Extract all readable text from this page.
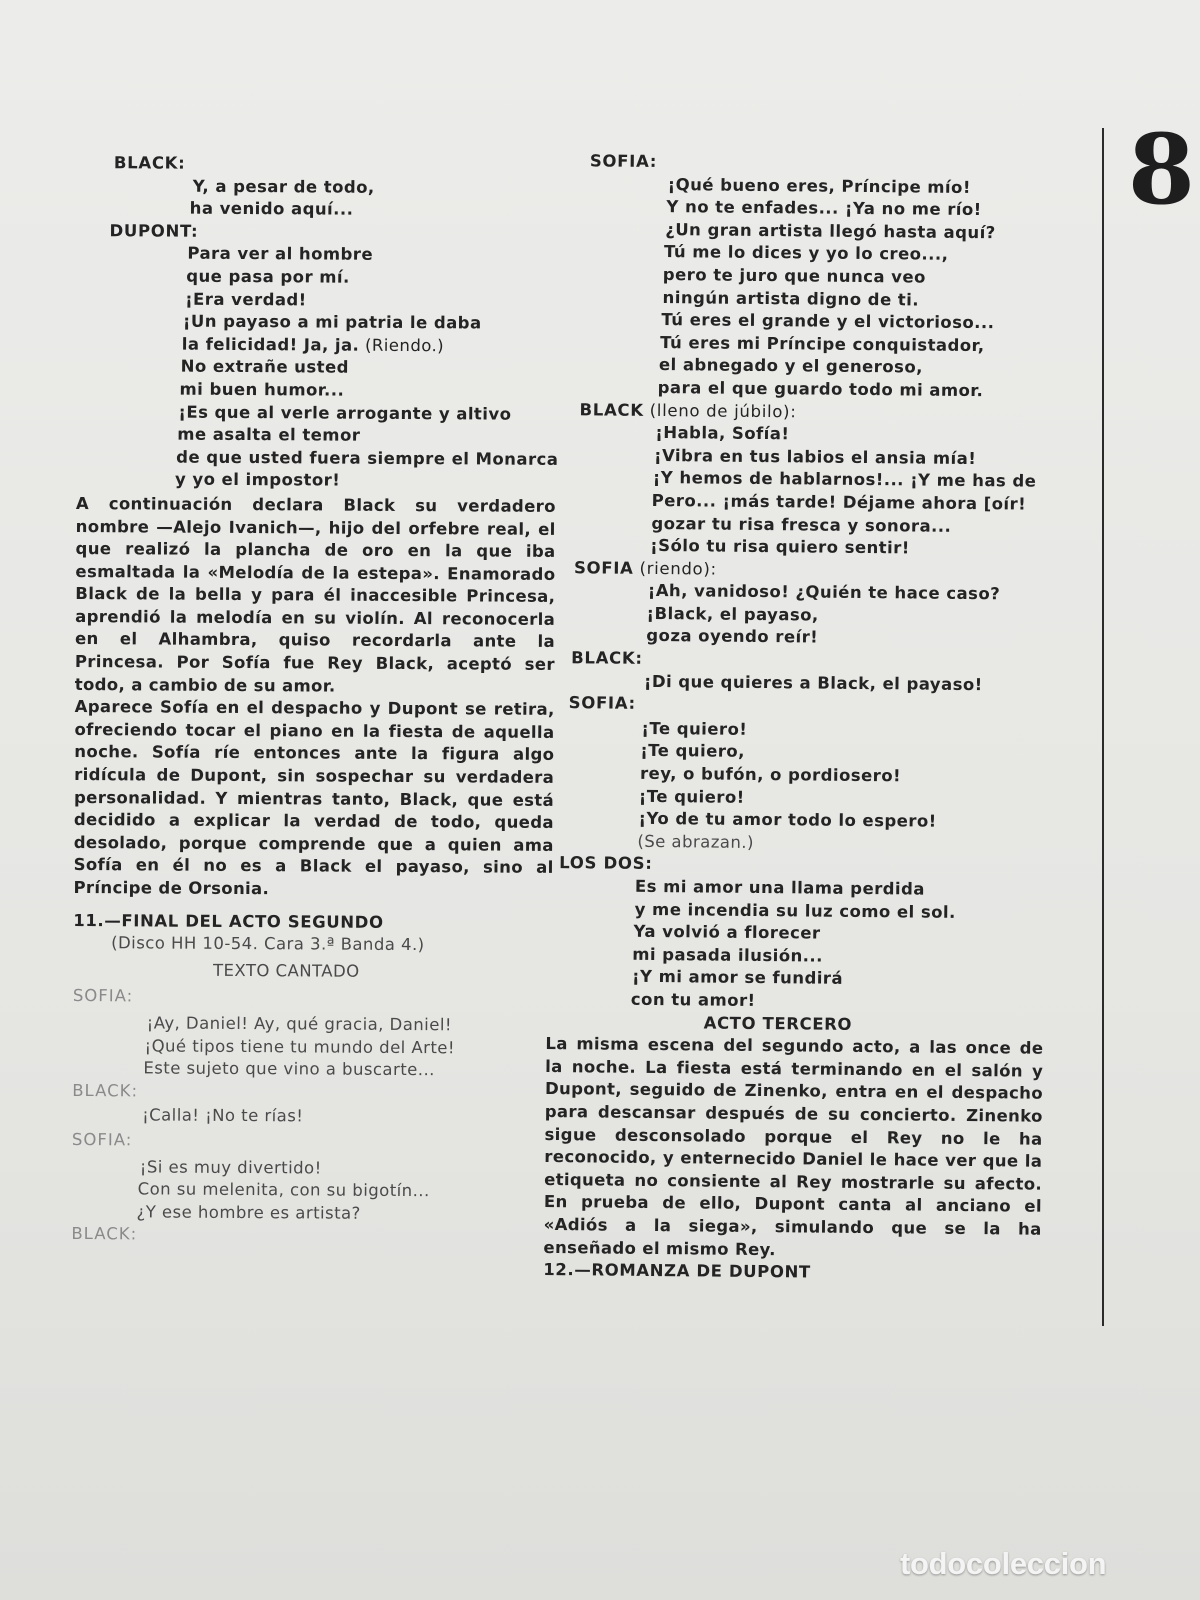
BLACK:
Y, a pesar de todo,
ha venido aquí...
DUPONT:
Para ver al hombre
que pasa por mí.
¡Era verdad!
¡Un payaso a mi patria le daba
la felicidad! Ja, ja. (Riendo.)
No extrañe usted
mi buen humor...
¡Es que al verle arrogante y altivo
me asalta el temor
de que usted fuera siempre el Monarca
y yo el impostor!
A continuación declara Black su verdadero nombre —Alejo Ivanich—, hijo del orfebre real, el que realizó la plancha de oro en la que iba esmaltada la «Melodía de la estepa». Enamorado Black de la bella y para él inaccesible Princesa, aprendió la melodía en su violín. Al reconocerla en el Alhambra, quiso recordarla ante la Princesa. Por Sofía fue Rey Black, aceptó ser todo, a cambio de su amor.
Aparece Sofía en el despacho y Dupont se retira, ofreciendo tocar el piano en la fiesta de aquella noche. Sofía ríe entonces ante la figura algo ridícula de Dupont, sin sospechar su verdadera personalidad. Y mientras tanto, Black, que está decidido a explicar la verdad de todo, queda desolado, porque comprende que a quien ama Sofía en él no es a Black el payaso, sino al Príncipe de Orsonia.
11.—FINAL DEL ACTO SEGUNDO
(Disco HH 10-54. Cara 3.ª Banda 4.)
TEXTO CANTADO
SOFIA:
¡Ay, Daniel! Ay, qué gracia, Daniel!
¡Qué tipos tiene tu mundo del Arte!
Este sujeto que vino a buscarte...
BLACK:
¡Calla! ¡No te rías!
SOFIA:
¡Si es muy divertido!
Con su melenita, con su bigotín...
¿Y ese hombre es artista?
BLACK:
SOFIA:
¡Qué bueno eres, Príncipe mío!
Y no te enfades... ¡Ya no me río!
¿Un gran artista llegó hasta aquí?
Tú me lo dices y yo lo creo...,
pero te juro que nunca veo
ningún artista digno de ti.
Tú eres el grande y el victorioso...
Tú eres mi Príncipe conquistador,
el abnegado y el generoso,
para el que guardo todo mi amor.
BLACK (lleno de júbilo):
¡Habla, Sofía!
¡Vibra en tus labios el ansia mía!
¡Y hemos de hablarnos!... ¡Y me has de
Pero... ¡más tarde! Déjame ahora [oír!
gozar tu risa fresca y sonora...
¡Sólo tu risa quiero sentir!
SOFIA (riendo):
¡Ah, vanidoso! ¿Quién te hace caso?
¡Black, el payaso,
goza oyendo reír!
BLACK:
¡Di que quieres a Black, el payaso!
SOFIA:
¡Te quiero!
¡Te quiero,
rey, o bufón, o pordiosero!
¡Te quiero!
¡Yo de tu amor todo lo espero!
(Se abrazan.)
LOS DOS:
Es mi amor una llama perdida
y me incendia su luz como el sol.
Ya volvió a florecer
mi pasada ilusión...
¡Y mi amor se fundirá
con tu amor!
ACTO TERCERO
La misma escena del segundo acto, a las once de la noche. La fiesta está terminando en el salón y Dupont, seguido de Zinenko, entra en el despacho para descansar después de su concierto. Zinenko sigue desconsolado porque el Rey no le ha reconocido, y enternecido Daniel le hace ver que la etiqueta no consiente al Rey mostrarle su afecto. En prueba de ello, Dupont canta al anciano el «Adiós a la siega», simulando que se la ha enseñado el mismo Rey.
12.—ROMANZA DE DUPONT
8
todocoleccion
